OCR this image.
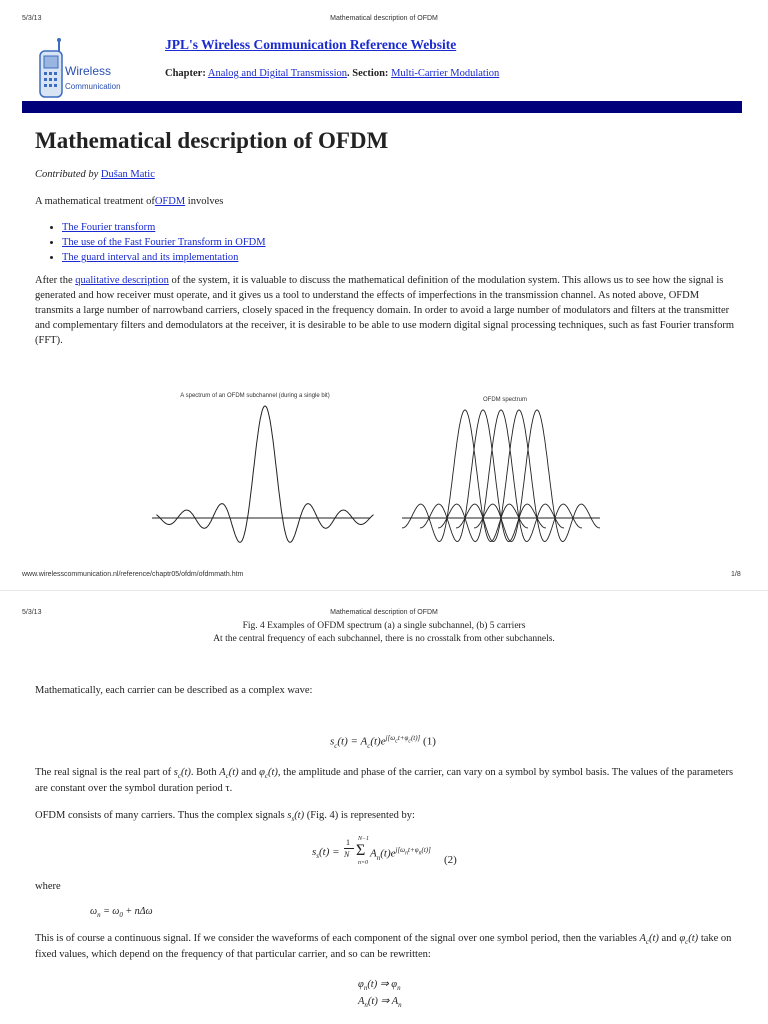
5/3/13	Mathematical description of OFDM
Wireless
Communication
JPL's Wireless Communication Reference Website
Chapter: Analog and Digital Transmission. Section: Multi-Carrier Modulation
Mathematical description of OFDM
Contributed by Dušan Matic
A mathematical treatment ofOFDM involves
• The Fourier transform
• The use of the Fast Fourier Transform in OFDM
• The guard interval and its implementation
After the qualitative description of the system, it is valuable to discuss the mathematical definition of the modulation system. This allows us to see how the signal is generated and how receiver must operate, and it gives us a tool to understand the effects of imperfections in the transmission channel. As noted above, OFDM transmits a large number of narrowband carriers, closely spaced in the frequency domain. In order to avoid a large number of modulators and filters at the transmitter and complementary filters and demodulators at the receiver, it is desirable to be able to use modern digital signal processing techniques, such as fast Fourier transform (FFT).
A spectrum of an OFDM subchannel (during a single bit)
OFDM spectrum
www.wirelesscommunication.nl/reference/chaptr05/ofdm/ofdmmath.htm	1/8
5/3/13	Mathematical description of OFDM
Fig. 4 Examples of OFDM spectrum (a) a single subchannel, (b) 5 carriers
At the central frequency of each subchannel, there is no crosstalk from other subchannels.
Mathematically, each carrier can be described as a complex wave:
$s_c(t) = A_c(t)e^{j[\omega_ct+\varphi_c(t)]}$ (1)
The real signal is the real part of $s_c(t)$. Both $A_c(t)$ and $\varphi_c(t)$, the amplitude and phase of the carrier, can vary on a symbol by symbol basis. The values of the parameters are constant over the symbol duration period τ.
OFDM consists of many carriers. Thus the complex signals $s_s(t)$ (Fig. 4) is represented by:
$s_s(t)$ =
1
N
N−1
Σ
n=0
$A_n(t)e^{j[\omega_nt+\varphi_n(t)]}$
(2)
where
$\omega_n = \omega_0 + n\Delta\omega$
This is of course a continuous signal. If we consider the waveforms of each component of the signal over one symbol period, then the variables $A_c(t)$ and $\varphi_c(t)$ take on fixed values, which depend on the frequency of that particular carrier, and so can be rewritten:
$\varphi_n(t)$ ⇒ $\varphi_n$
$A_n(t)$ ⇒ $A_n$
